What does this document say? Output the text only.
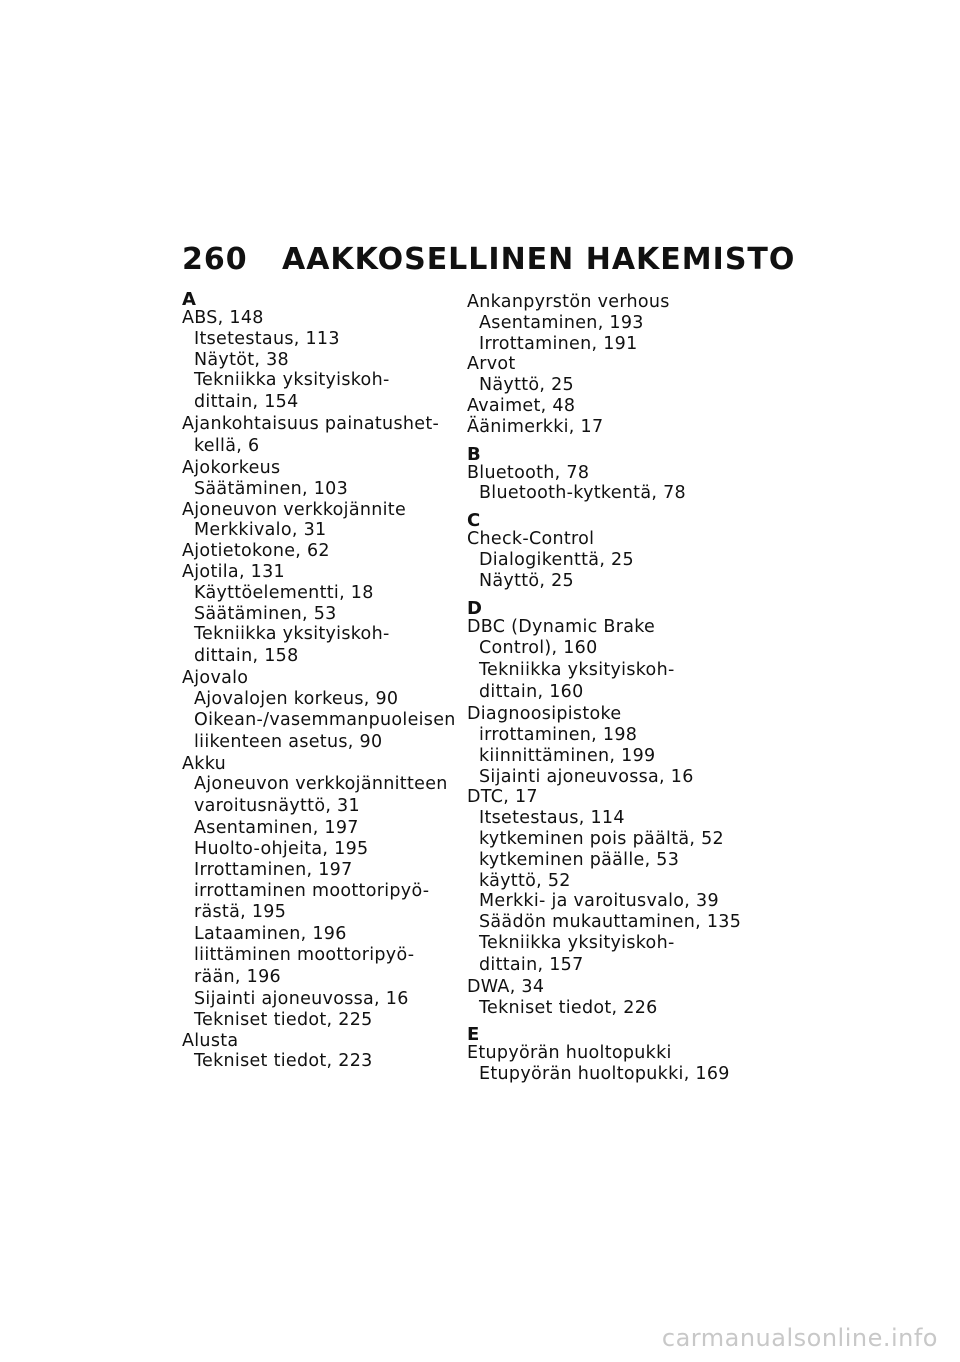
260 AAKKOSELLINEN HAKEMISTO
A
ABS, 148
Itsetestaus, 113
Näytöt, 38
Tekniikka yksityiskoh-
dittain, 154
Ajankohtaisuus painatushet-
kellä, 6
Ajokorkeus
Säätäminen, 103
Ajoneuvon verkkojännite
Merkkivalo, 31
Ajotietokone, 62
Ajotila, 131
Käyttöelementti, 18
Säätäminen, 53
Tekniikka yksityiskoh-
dittain, 158
Ajovalo
Ajovalojen korkeus, 90
Oikean-/vasemmanpuoleisen
liikenteen asetus, 90
Akku
Ajoneuvon verkkojännitteen
varoitusnäyttö, 31
Asentaminen, 197
Huolto-ohjeita, 195
Irrottaminen, 197
irrottaminen moottoripyö-
rästä, 195
Lataaminen, 196
liittäminen moottoripyö-
rään, 196
Sijainti ajoneuvossa, 16
Tekniset tiedot, 225
Alusta
Tekniset tiedot, 223
Ankanpyrstön verhous
Asentaminen, 193
Irrottaminen, 191
Arvot
Näyttö, 25
Avaimet, 48
Äänimerkki, 17
B
Bluetooth, 78
Bluetooth-kytkentä, 78
C
Check-Control
Dialogikenttä, 25
Näyttö, 25
D
DBC (Dynamic Brake
Control), 160
Tekniikka yksityiskoh-
dittain, 160
Diagnoosipistoke
irrottaminen, 198
kiinnittäminen, 199
Sijainti ajoneuvossa, 16
DTC, 17
Itsetestaus, 114
kytkeminen pois päältä, 52
kytkeminen päälle, 53
käyttö, 52
Merkki- ja varoitusvalo, 39
Säädön mukauttaminen, 135
Tekniikka yksityiskoh-
dittain, 157
DWA, 34
Tekniset tiedot, 226
E
Etupyörän huoltopukki
Etupyörän huoltopukki, 169
carmanualsonline.info
